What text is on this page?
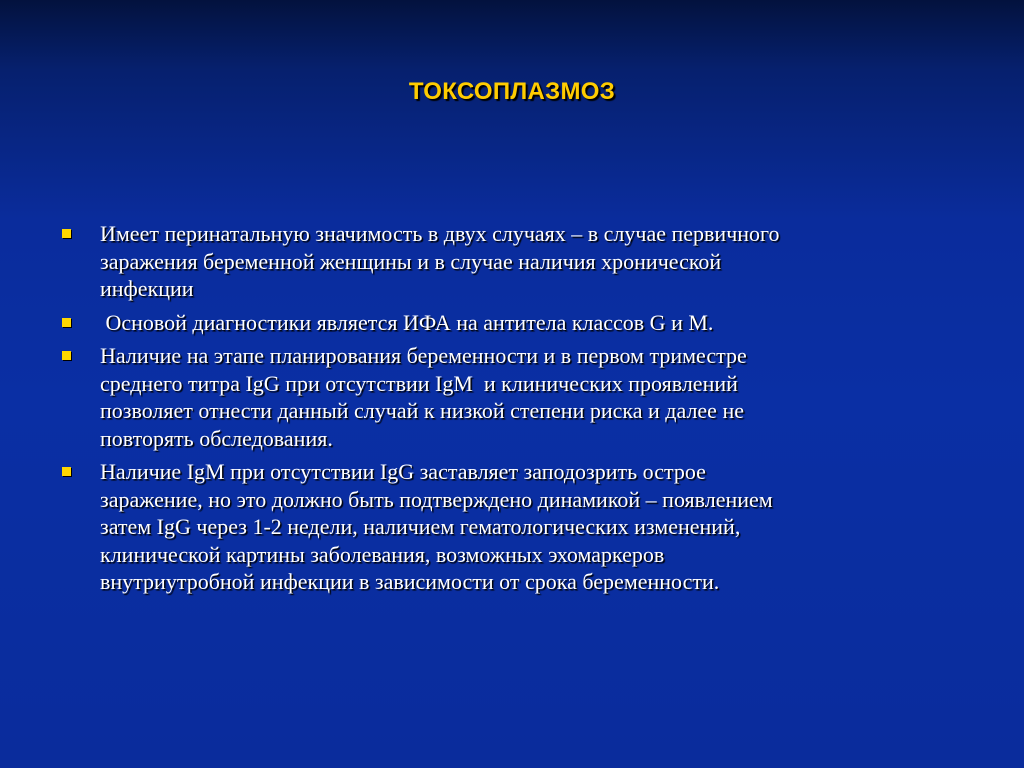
ТОКСОПЛАЗМОЗ
Имеет перинатальную значимость в двух случаях – в случае первичного
заражения беременной женщины и в случае наличия хронической
инфекции
Основой диагностики является ИФА на антитела классов G и M.
Наличие на этапе планирования беременности и в первом триместре
среднего титра IgG при отсутствии IgM  и клинических проявлений
позволяет отнести данный случай к низкой степени риска и далее не
повторять обследования.
Наличие IgM при отсутствии IgG заставляет заподозрить острое
заражение, но это должно быть подтверждено динамикой – появлением
затем IgG через 1-2 недели, наличием гематологических изменений,
клинической картины заболевания, возможных эхомаркеров
внутриутробной инфекции в зависимости от срока беременности.
